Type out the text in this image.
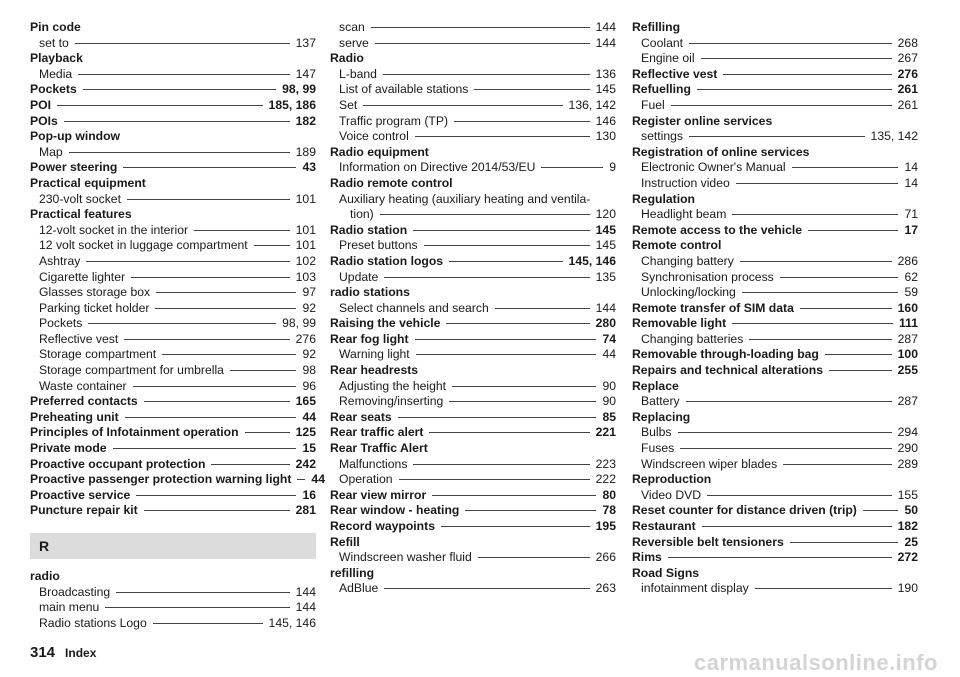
Pin code
set to	137
Playback
Media	147
Pockets	98, 99
POI	185, 186
POIs	182
Pop-up window
Map	189
Power steering	43
Practical equipment
230-volt socket	101
Practical features
12-volt socket in the interior	101
12 volt socket in luggage compartment	101
Ashtray	102
Cigarette lighter	103
Glasses storage box	97
Parking ticket holder	92
Pockets	98, 99
Reflective vest	276
Storage compartment	92
Storage compartment for umbrella	98
Waste container	96
Preferred contacts	165
Preheating unit	44
Principles of Infotainment operation	125
Private mode	15
Proactive occupant protection	242
Proactive passenger protection warning light 44
Proactive service	16
Puncture repair kit	281
R
radio
Broadcasting	144
main menu	144
Radio stations Logo	145, 146
scan	144
serve	144
Radio
L-band	136
List of available stations	145
Set	136, 142
Traffic program (TP)	146
Voice control	130
Radio equipment
Information on Directive 2014/53/EU	9
Radio remote control
Auxiliary heating (auxiliary heating and ventila-
tion)	120
Radio station	145
Preset buttons	145
Radio station logos	145, 146
Update	135
radio stations
Select channels and search	144
Raising the vehicle	280
Rear fog light	74
Warning light	44
Rear headrests
Adjusting the height	90
Removing/inserting	90
Rear seats	85
Rear traffic alert	221
Rear Traffic Alert
Malfunctions	223
Operation	222
Rear view mirror	80
Rear window - heating	78
Record waypoints	195
Refill
Windscreen washer fluid	266
refilling
AdBlue	263
Refilling
Coolant	268
Engine oil	267
Reflective vest	276
Refuelling	261
Fuel	261
Register online services
settings	135, 142
Registration of online services
Electronic Owner's Manual	14
Instruction video	14
Regulation
Headlight beam	71
Remote access to the vehicle	17
Remote control
Changing battery	286
Synchronisation process	62
Unlocking/locking	59
Remote transfer of SIM data	160
Removable light	111
Changing batteries	287
Removable through-loading bag	100
Repairs and technical alterations	255
Replace
Battery	287
Replacing
Bulbs	294
Fuses	290
Windscreen wiper blades	289
Reproduction
Video DVD	155
Reset counter for distance driven (trip)	50
Restaurant	182
Reversible belt tensioners	25
Rims	272
Road Signs
infotainment display	190
314 Index	carmanualsonline.info
